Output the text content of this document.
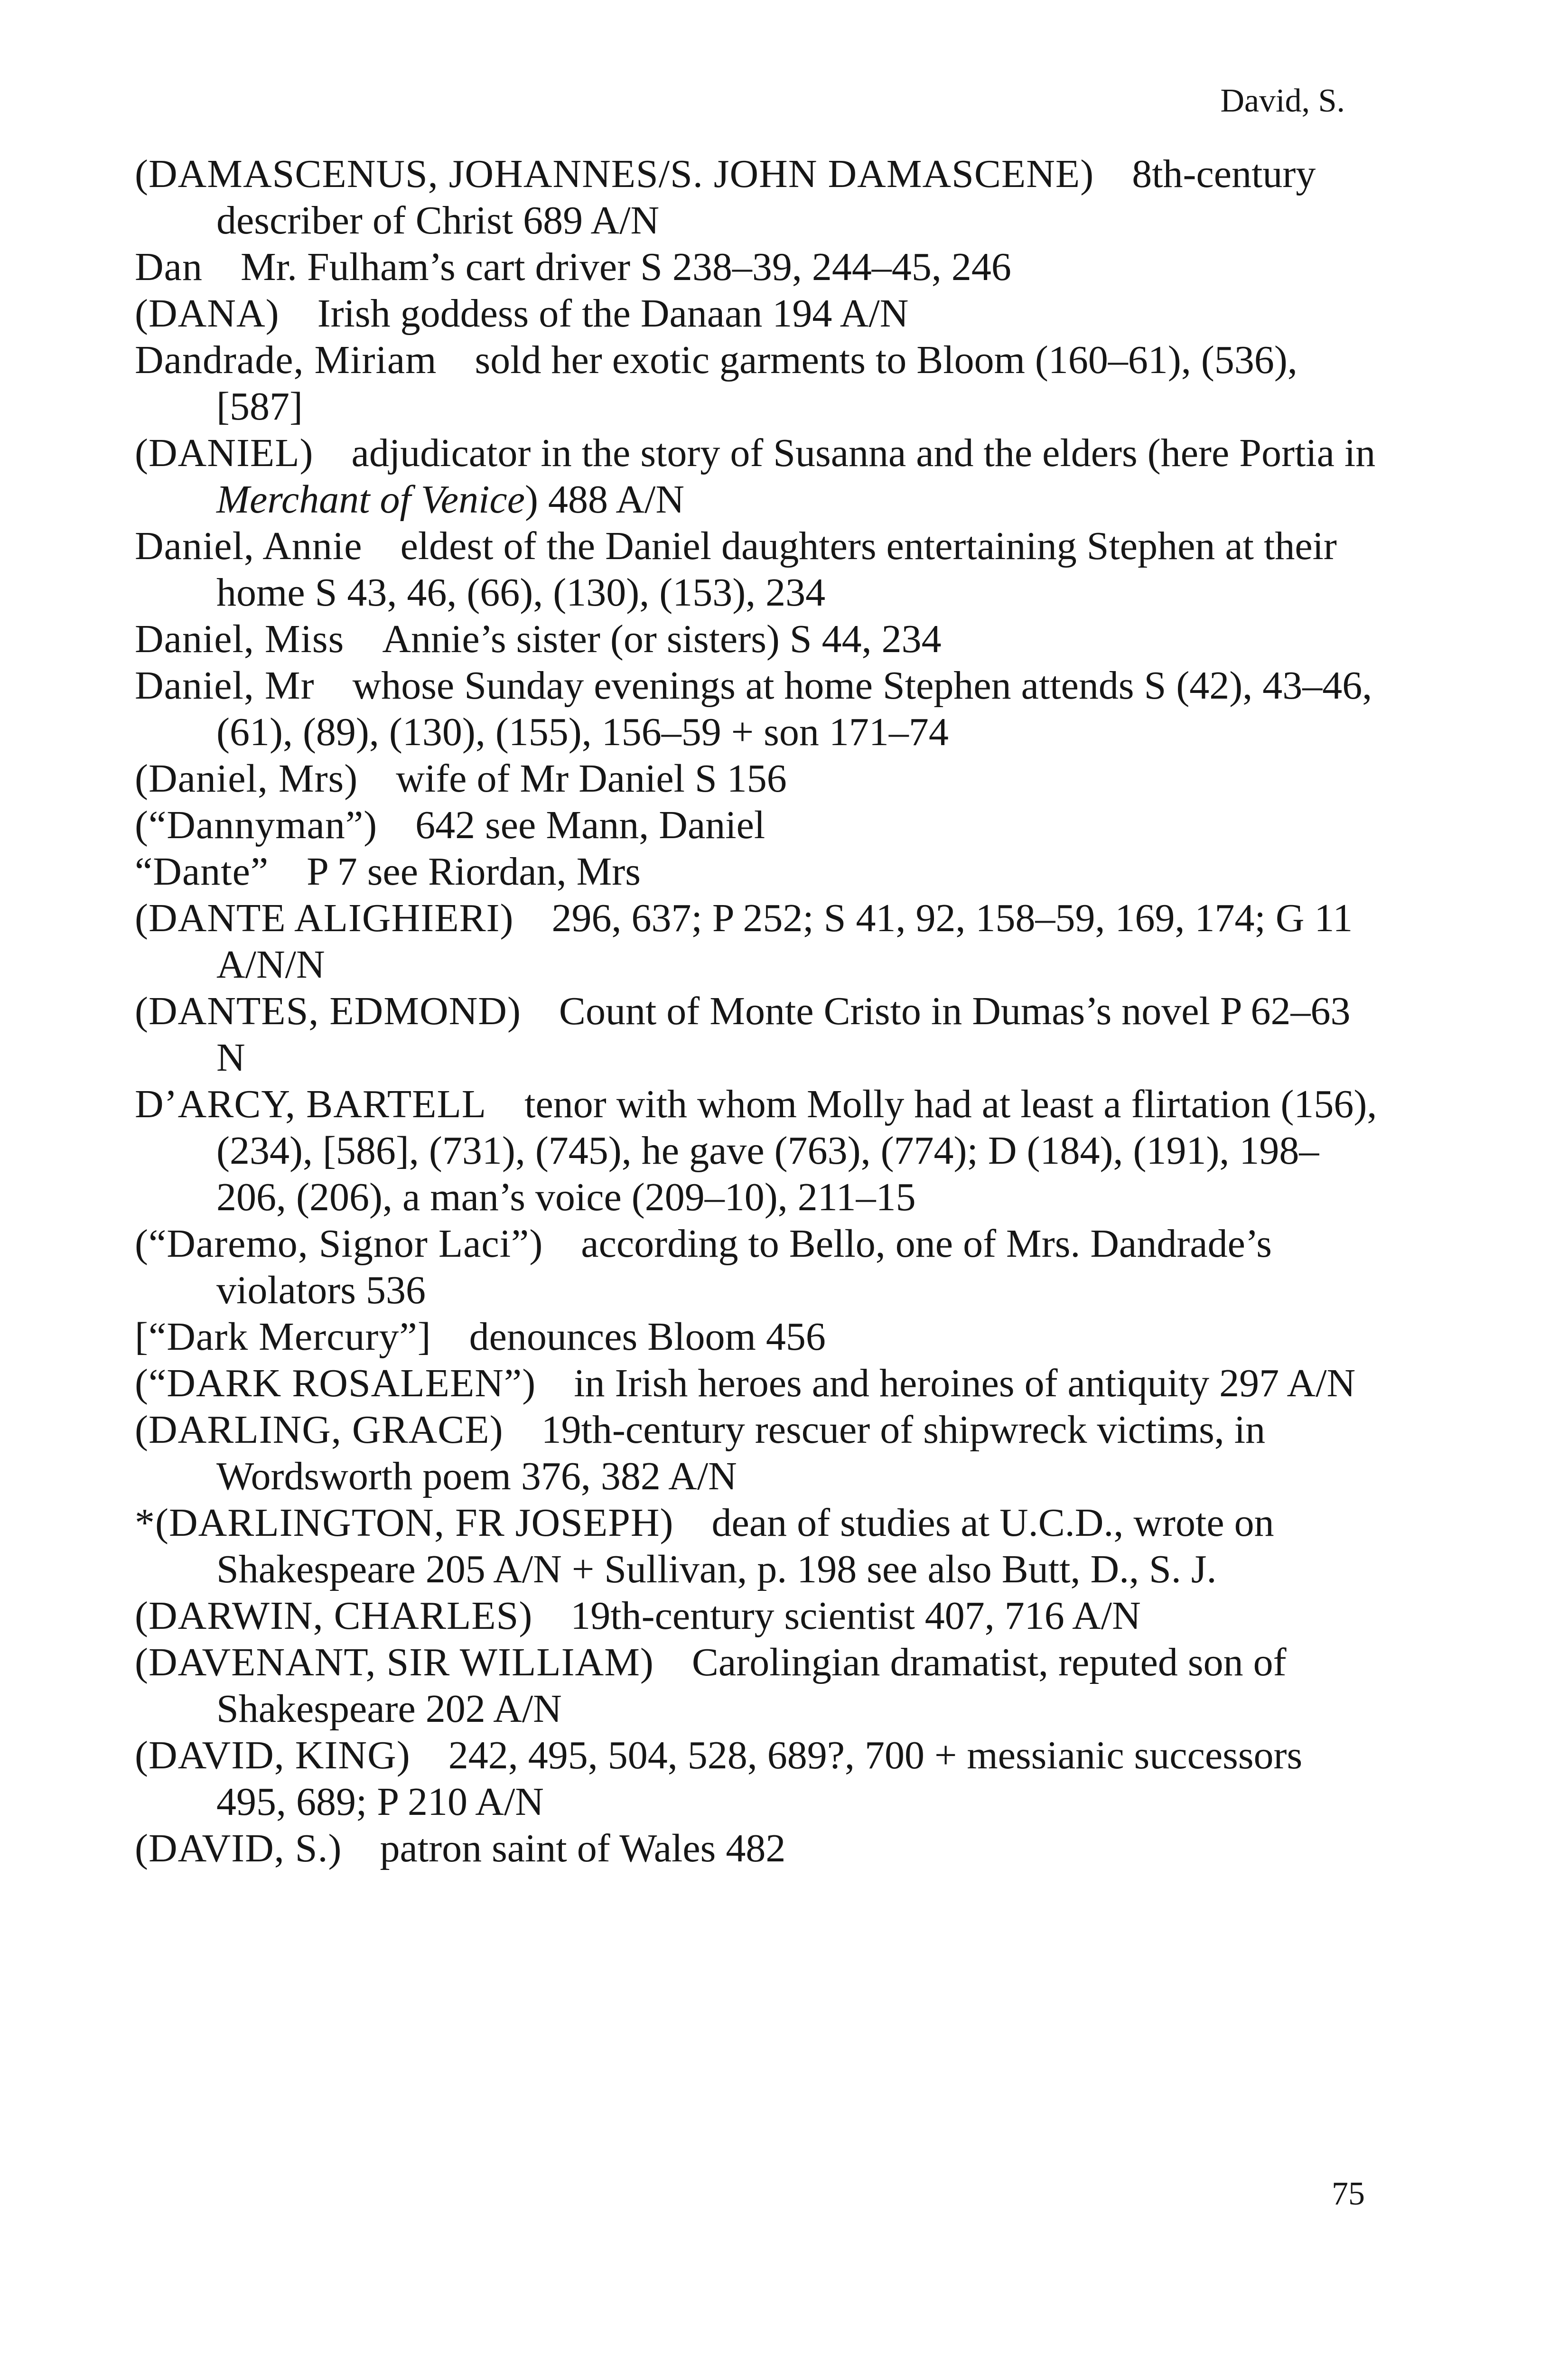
David, S.
(DAMASCENUS, JOHANNES/S. JOHN DAMASCENE) 8th-century describer of Christ 689 A/N
Dan Mr. Fulham’s cart driver S 238–39, 244–45, 246
(DANA) Irish goddess of the Danaan 194 A/N
Dandrade, Miriam sold her exotic garments to Bloom (160–61), (536), [587]
(DANIEL) adjudicator in the story of Susanna and the elders (here Portia in Merchant of Venice) 488 A/N
Daniel, Annie eldest of the Daniel daughters entertaining Stephen at their home S 43, 46, (66), (130), (153), 234
Daniel, Miss Annie’s sister (or sisters) S 44, 234
Daniel, Mr whose Sunday evenings at home Stephen attends S (42), 43–46, (61), (89), (130), (155), 156–59 + son 171–74
(Daniel, Mrs) wife of Mr Daniel S 156
(“Dannyman”) 642 see Mann, Daniel
“Dante” P 7 see Riordan, Mrs
(DANTE ALIGHIERI) 296, 637; P 252; S 41, 92, 158–59, 169, 174; G 11 A/N/N
(DANTES, EDMOND) Count of Monte Cristo in Dumas’s novel P 62–63 N
D’ARCY, BARTELL tenor with whom Molly had at least a flirtation (156), (234), [586], (731), (745), he gave (763), (774); D (184), (191), 198–206, (206), a man’s voice (209–10), 211–15
(“Daremo, Signor Laci”) according to Bello, one of Mrs. Dandrade’s violators 536
[“Dark Mercury”] denounces Bloom 456
(“DARK ROSALEEN”) in Irish heroes and heroines of antiquity 297 A/N
(DARLING, GRACE) 19th-century rescuer of shipwreck victims, in Wordsworth poem 376, 382 A/N
*(DARLINGTON, FR JOSEPH) dean of studies at U.C.D., wrote on Shakespeare 205 A/N + Sullivan, p. 198 see also Butt, D., S. J.
(DARWIN, CHARLES) 19th-century scientist 407, 716 A/N
(DAVENANT, SIR WILLIAM) Carolingian dramatist, reputed son of Shakespeare 202 A/N
(DAVID, KING) 242, 495, 504, 528, 689?, 700 + messianic successors 495, 689; P 210 A/N
(DAVID, S.) patron saint of Wales 482
75
